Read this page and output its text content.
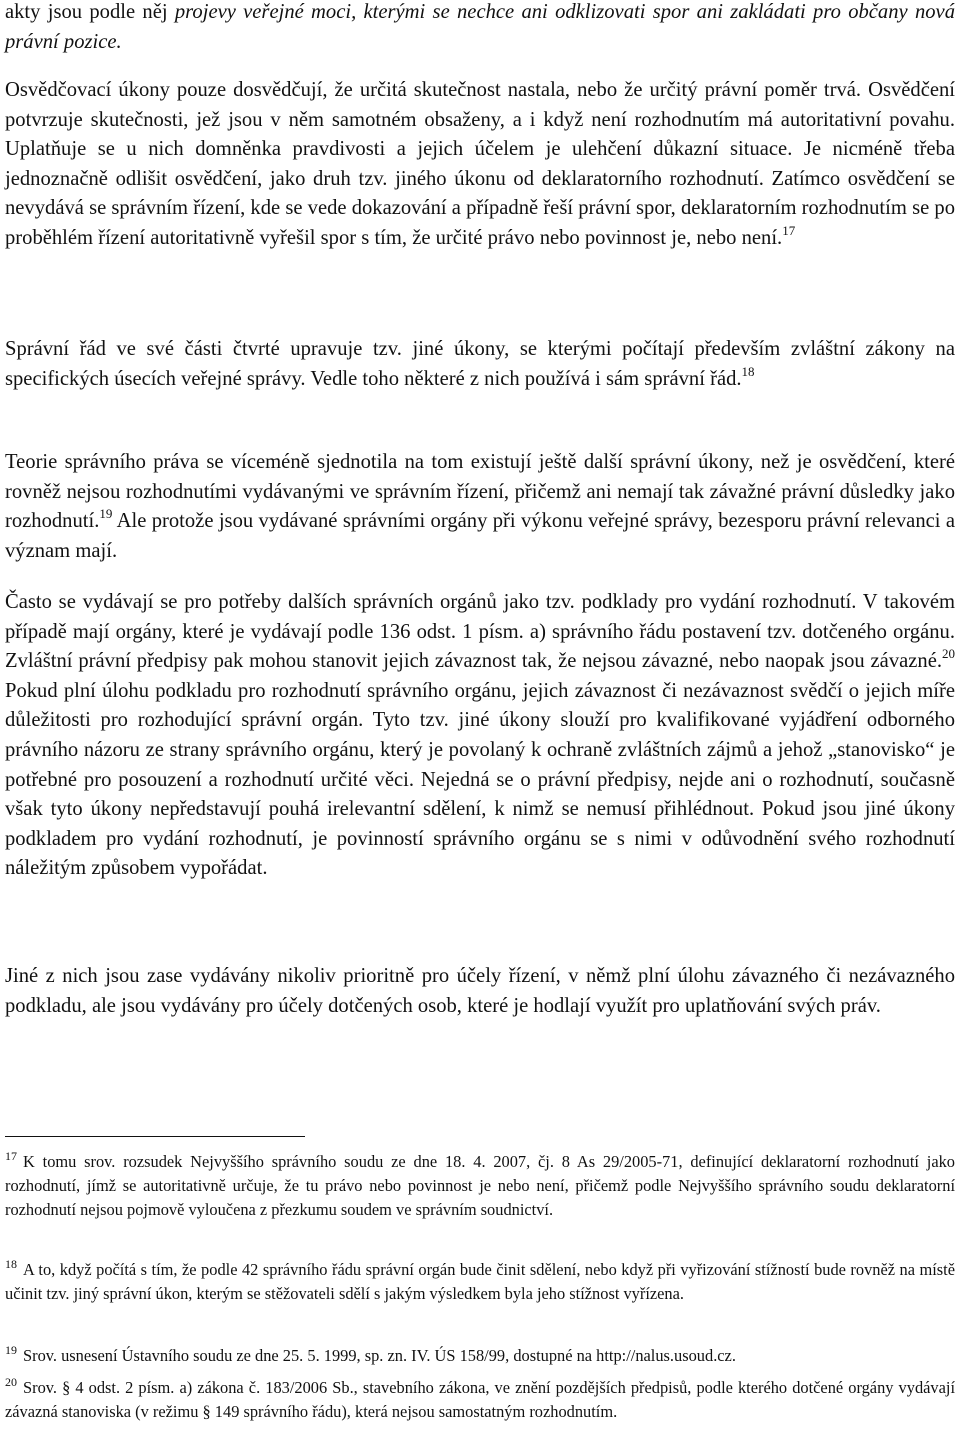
akty jsou podle něj projevy veřejné moci, kterými se nechce ani odklizovati spor ani zakládati pro občany nová právní pozice.

Osvědčovací úkony pouze dosvědčují, že určitá skutečnost nastala, nebo že určitý právní poměr trvá. Osvědčení potvrzuje skutečnosti, jež jsou v něm samotném obsaženy, a i když není rozhodnutím má autoritativní povahu. Uplatňuje se u nich domněnka pravdivosti a jejich účelem je ulehčení důkazní situace. Je nicméně třeba jednoznačně odlišit osvědčení, jako druh tzv. jiného úkonu od deklaratorního rozhodnutí. Zatímco osvědčení se nevydává se správním řízení, kde se vede dokazování a případně řeší právní spor, deklaratorním rozhodnutím se po proběhlém řízení autoritativně vyřešil spor s tím, že určité právo nebo povinnost je, nebo není.$^{17}$

Správní řád ve své části čtvrté upravuje tzv. jiné úkony, se kterými počítají především zvláštní zákony na specifických úsecích veřejné správy. Vedle toho některé z nich používá i sám správní řád.$^{18}$

Teorie správního práva se víceméně sjednotila na tom existují ještě další správní úkony, než je osvědčení, které rovněž nejsou rozhodnutími vydávanými ve správním řízení, přičemž ani nemají tak závažné právní důsledky jako rozhodnutí.$^{19}$ Ale protože jsou vydávané správními orgány při výkonu veřejné správy, bezesporu právní relevanci a význam mají.

Často se vydávají se pro potřeby dalších správních orgánů jako tzv. podklady pro vydání rozhodnutí. V takovém případě mají orgány, které je vydávají podle 136 odst. 1 písm. a) správního řádu postavení tzv. dotčeného orgánu. Zvláštní právní předpisy pak mohou stanovit jejich závaznost tak, že nejsou závazné, nebo naopak jsou závazné.$^{20}$ Pokud plní úlohu podkladu pro rozhodnutí správního orgánu, jejich závaznost či nezávaznost svědčí o jejich míře důležitosti pro rozhodující správní orgán. Tyto tzv. jiné úkony slouží pro kvalifikované vyjádření odborného právního názoru ze strany správního orgánu, který je povolaný k ochraně zvláštních zájmů a jehož „stanovisko“ je potřebné pro posouzení a rozhodnutí určité věci. Nejedná se o právní předpisy, nejde ani o rozhodnutí, současně však tyto úkony nepředstavují pouhá irelevantní sdělení, k nimž se nemusí přihlédnout. Pokud jsou jiné úkony podkladem pro vydání rozhodnutí, je povinností správního orgánu se s nimi v odůvodnění svého rozhodnutí náležitým způsobem vypořádat.

Jiné z nich jsou zase vydávány nikoliv prioritně pro účely řízení, v němž plní úlohu závazného či nezávazného podkladu, ale jsou vydávány pro účely dotčených osob, které je hodlají využít pro uplatňování svých práv.

$^{17}$ K tomu srov. rozsudek Nejvyššího správního soudu ze dne 18. 4. 2007, čj. 8 As 29/2005-71, definující deklaratorní rozhodnutí jako rozhodnutí, jímž se autoritativně určuje, že tu právo nebo povinnost je nebo není, přičemž podle Nejvyššího správního soudu deklaratorní rozhodnutí nejsou pojmově vyloučena z přezkumu soudem ve správním soudnictví.

$^{18}$ A to, když počítá s tím, že podle 42 správního řádu správní orgán bude činit sdělení, nebo když při vyřizování stížností bude rovněž na místě učinit tzv. jiný správní úkon, kterým se stěžovateli sdělí s jakým výsledkem byla jeho stížnost vyřízena.

$^{19}$ Srov. usnesení Ústavního soudu ze dne 25. 5. 1999, sp. zn. IV. ÚS 158/99, dostupné na http://nalus.usoud.cz.

$^{20}$ Srov. § 4 odst. 2 písm. a) zákona č. 183/2006 Sb., stavebního zákona, ve znění pozdějších předpisů, podle kterého dotčené orgány vydávají závazná stanoviska (v režimu § 149 správního řádu), která nejsou samostatným rozhodnutím.
